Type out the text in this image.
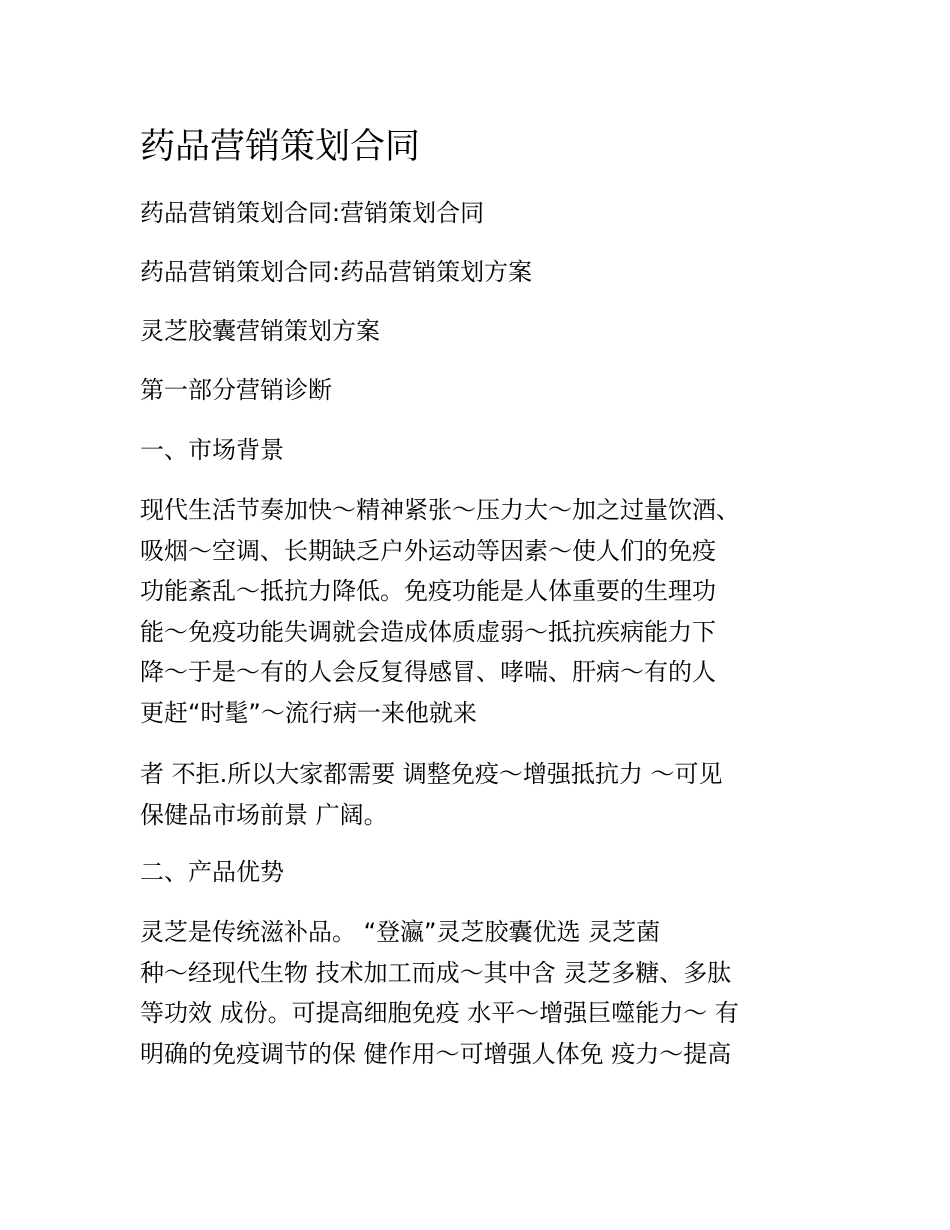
药品营销策划合同

药品营销策划合同:营销策划合同

药品营销策划合同:药品营销策划方案

灵芝胶囊营销策划方案

第一部分营销诊断

一、市场背景

现代生活节奏加快～精神紧张～压力大～加之过量饮酒、
吸烟～空调、长期缺乏户外运动等因素～使人们的免疫
功能紊乱～抵抗力降低。免疫功能是人体重要的生理功
能～免疫功能失调就会造成体质虚弱～抵抗疾病能力下
降～于是～有的人会反复得感冒、哮喘、肝病～有的人
更赶“时髦”～流行病一来他就来
者 不拒.所以大家都需要 调整免疫～增强抵抗力 ～可见
保健品市场前景 广阔。

二、产品优势

灵芝是传统滋补品。 “登瀛”灵芝胶囊优选 灵芝菌
种～经现代生物 技术加工而成～其中含 灵芝多糖、多肽
等功效 成份。可提高细胞免疫 水平～增强巨噬能力～ 有
明确的免疫调节的保 健作用～可增强人体免 疫力～提高
